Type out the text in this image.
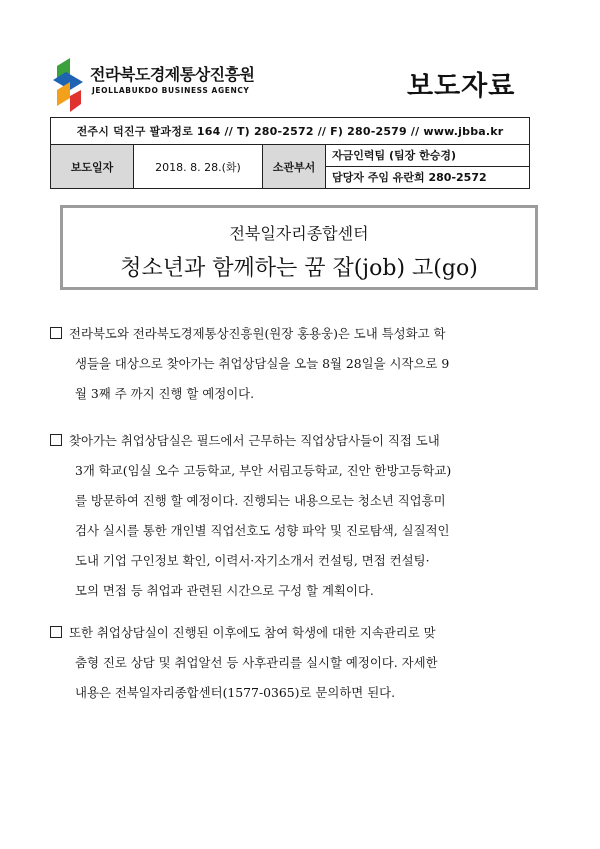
전라북도경제통상진흥원
JEOLLABUKDO BUSINESS AGENCY	보도자료
전주시 덕진구 팔과정로 164 // T) 280-2572 // F) 280-2579 // www.jbba.kr
보도일자	2018. 8. 28.(화)	소관부서	
자금인력팀 (팀장 한승경)
담당자 주임 유란희 280-2572
전북일자리종합센터
청소년과 함께하는 꿈 잡(job) 고(go)
전라북도와 전라북도경제통상진흥원(원장 홍용웅)은 도내 특성화고 학
생들을 대상으로 찾아가는 취업상담실을 오늘 8월 28일을 시작으로 9
월 3째 주 까지 진행 할 예정이다.
찾아가는 취업상담실은 필드에서 근무하는 직업상담사들이 직접 도내
3개 학교(임실 오수 고등학교, 부안 서림고등학교, 진안 한방고등학교)
를 방문하여 진행 할 예정이다. 진행되는 내용으로는 청소년 직업흥미
검사 실시를 통한 개인별 직업선호도 성향 파악 및 진로탐색, 실질적인
도내 기업 구인정보 확인, 이력서·자기소개서 컨설팅, 면접 컨설팅·
모의 면접 등 취업과 관련된 시간으로 구성 할 계획이다.
또한 취업상담실이 진행된 이후에도 참여 학생에 대한 지속관리로 맞
춤형 진로 상담 및 취업알선 등 사후관리를 실시할 예정이다. 자세한
내용은 전북일자리종합센터(1577-0365)로 문의하면 된다.
